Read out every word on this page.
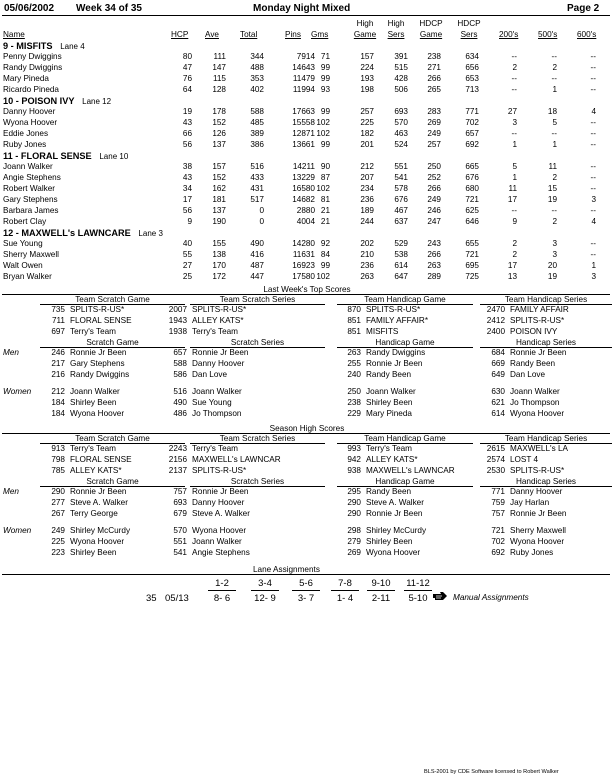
05/06/2002 Week 34 of 35	Monday Night Mixed	Page 2
Name	HCP Ave	Total	Pins Gms
High
Game
High
Sers
HDCP
Game
HDCP
Sers	200's 500's 600's
9 - MISFITS Lane 4
Penny Dwiggins	80	111	344	7914 71	157	391	238	634	--	--	--
Randy Dwiggins	47	147	488	14643 99	224	515	271	656	2	2	--
Mary Pineda	76	115	353	11479 99	193	428	266	653	--	--	--
Ricardo Pineda	64	128	402	11994 93	198	506	265	713	--	1	--
10 - POISON IVY Lane 12
Danny Hoover	19	178	588	17663 99	257	693	283	771	27	18	4
Wyona Hoover	43	152	485	15558 102	225	570	269	702	3	5	--
Eddie Jones	66	126	389	12871 102	182	463	249	657	--	--	--
Ruby Jones	56	137	386	13661 99	201	524	257	692	1	1	--
11 - FLORAL SENSE Lane 10
Joann Walker	38	157	516	14211 90	212	551	250	665	5	11	--
Angie Stephens	43	152	433	13229 87	207	541	252	676	1	2	--
Robert Walker	34	162	431	16580 102	234	578	266	680	11	15	--
Gary Stephens	17	181	517	14682 81	236	676	249	721	17	19	3
Barbara James	56	137	0	2880 21	189	467	246	625	--	--	--
Robert Clay	9	190	0	4004 21	244	637	247	646	9	2	4
12 - MAXWELL's LAWNCARE Lane 3
Sue Young	40	155	490	14280 92	202	529	243	655	2	3	--
Sherry Maxwell	55	138	416	11631 84	210	538	266	721	2	3	--
Walt Owen	27	170	487	16923 99	236	614	263	695	17	20	1
Bryan Walker	25	172	447	17580 102	263	647	289	725	13	19	3
Last Week's Top Scores
Team Scratch Game	Team Scratch Series	Team Handicap Game	Team Handicap Series
735 SPLITS-R-US*	2007 SPLITS-R-US*	870 SPLITS-R-US*	2470 FAMILY AFFAIR
711 FLORAL SENSE	1943 ALLEY KATS*	851 FAMILY AFFAIR*	2412 SPLITS-R-US*
697 Terry's Team	1938 Terry's Team	851 MISFITS	2400 POISON IVY
Scratch Game	Scratch Series	Handicap Game	Handicap Series
Men	246 Ronnie Jr Been	657 Ronnie Jr Been	263 Randy Dwiggins	684 Ronnie Jr Been
217 Gary Stephens	588 Danny Hoover	255 Ronnie Jr Been	669 Randy Been
216 Randy Dwiggins	586 Dan Love	240 Randy Been	649 Dan Love
Women	212 Joann Walker	516 Joann Walker	250 Joann Walker	630 Joann Walker
184 Shirley Been	490 Sue Young	238 Shirley Been	621 Jo Thompson
184 Wyona Hoover	486 Jo Thompson	229 Mary Pineda	614 Wyona Hoover
Season High Scores
Team Scratch Game	Team Scratch Series	Team Handicap Game	Team Handicap Series
913 Terry's Team	2243 Terry's Team	993 Terry's Team	2615 MAXWELL's LA
798 FLORAL SENSE	2156 MAXWELL's LAWNCAR	942 ALLEY KATS*	2574 LOST 4
785 ALLEY KATS*	2137 SPLITS-R-US*	938 MAXWELL's LAWNCAR	2530 SPLITS-R-US*
Scratch Game	Scratch Series	Handicap Game	Handicap Series
Men	290 Ronnie Jr Been	757 Ronnie Jr Been	295 Randy Been	771 Danny Hoover
277 Steve A. Walker	693 Danny Hoover	290 Steve A. Walker	759 Jay Harlan
267 Terry George	679 Steve A. Walker	290 Ronnie Jr Been	757 Ronnie Jr Been
Women	249 Shirley McCurdy	570 Wyona Hoover	298 Shirley McCurdy	721 Sherry Maxwell
225 Wyona Hoover	551 Joann Walker	279 Shirley Been	702 Wyona Hoover
223 Shirley Been	541 Angie Stephens	269 Wyona Hoover	692 Ruby Jones
Lane Assignments
1-2	3-4	5-6	7-8	9-10	11-12
35 05/13	8- 6	12- 9	3- 7	1- 4	2-11	5-10	Manual Assignments
BLS-2001 by CDE Software licensed to Robert Walker
